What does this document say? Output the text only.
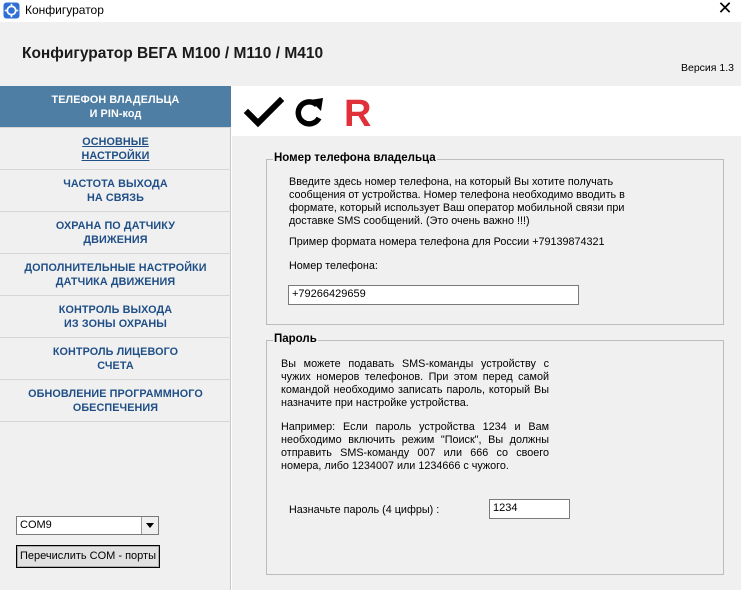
Конфигуратор	✕
Конфигуратор ВЕГА М100 / М110 / М410
Версия 1.3
ТЕЛЕФОН ВЛАДЕЛЬЦА
И PIN-код
ОСНОВНЫЕ
НАСТРОЙКИ
ЧАСТОТА ВЫХОДА
НА СВЯЗЬ
ОХРАНА ПО ДАТЧИКУ
ДВИЖЕНИЯ
ДОПОЛНИТЕЛЬНЫЕ НАСТРОЙКИ
ДАТЧИКА ДВИЖЕНИЯ
КОНТРОЛЬ ВЫХОДА
ИЗ ЗОНЫ ОХРАНЫ
КОНТРОЛЬ ЛИЦЕВОГО
СЧЕТА
ОБНОВЛЕНИЕ ПРОГРАММНОГО
ОБЕСПЕЧЕНИЯ
COM9
Перечислить COM - порты
R
Номер телефона владельца
Введите здесь номер телефона, на который Вы хотите получать сообщения от устройства. Номер телефона необходимо вводить в формате, который использует Ваш оператор мобильной связи при доставке SMS сообщений. (Это очень важно !!!)
Пример формата номера телефона для России +79139874321
Номер телефона:
+79266429659
Пароль
Вы можете подавать SMS-команды устройству с чужих номеров телефонов. При этом перед самой командой необходимо записать пароль, который Вы назначите при настройке устройства.
Например: Если пароль устройства 1234 и Вам необходимо включить режим "Поиск", Вы должны отправить SMS-команду 007 или 666 со своего номера, либо 1234007 или 1234666 с чужого.
Назначьте пароль (4 цифры) :	1234
